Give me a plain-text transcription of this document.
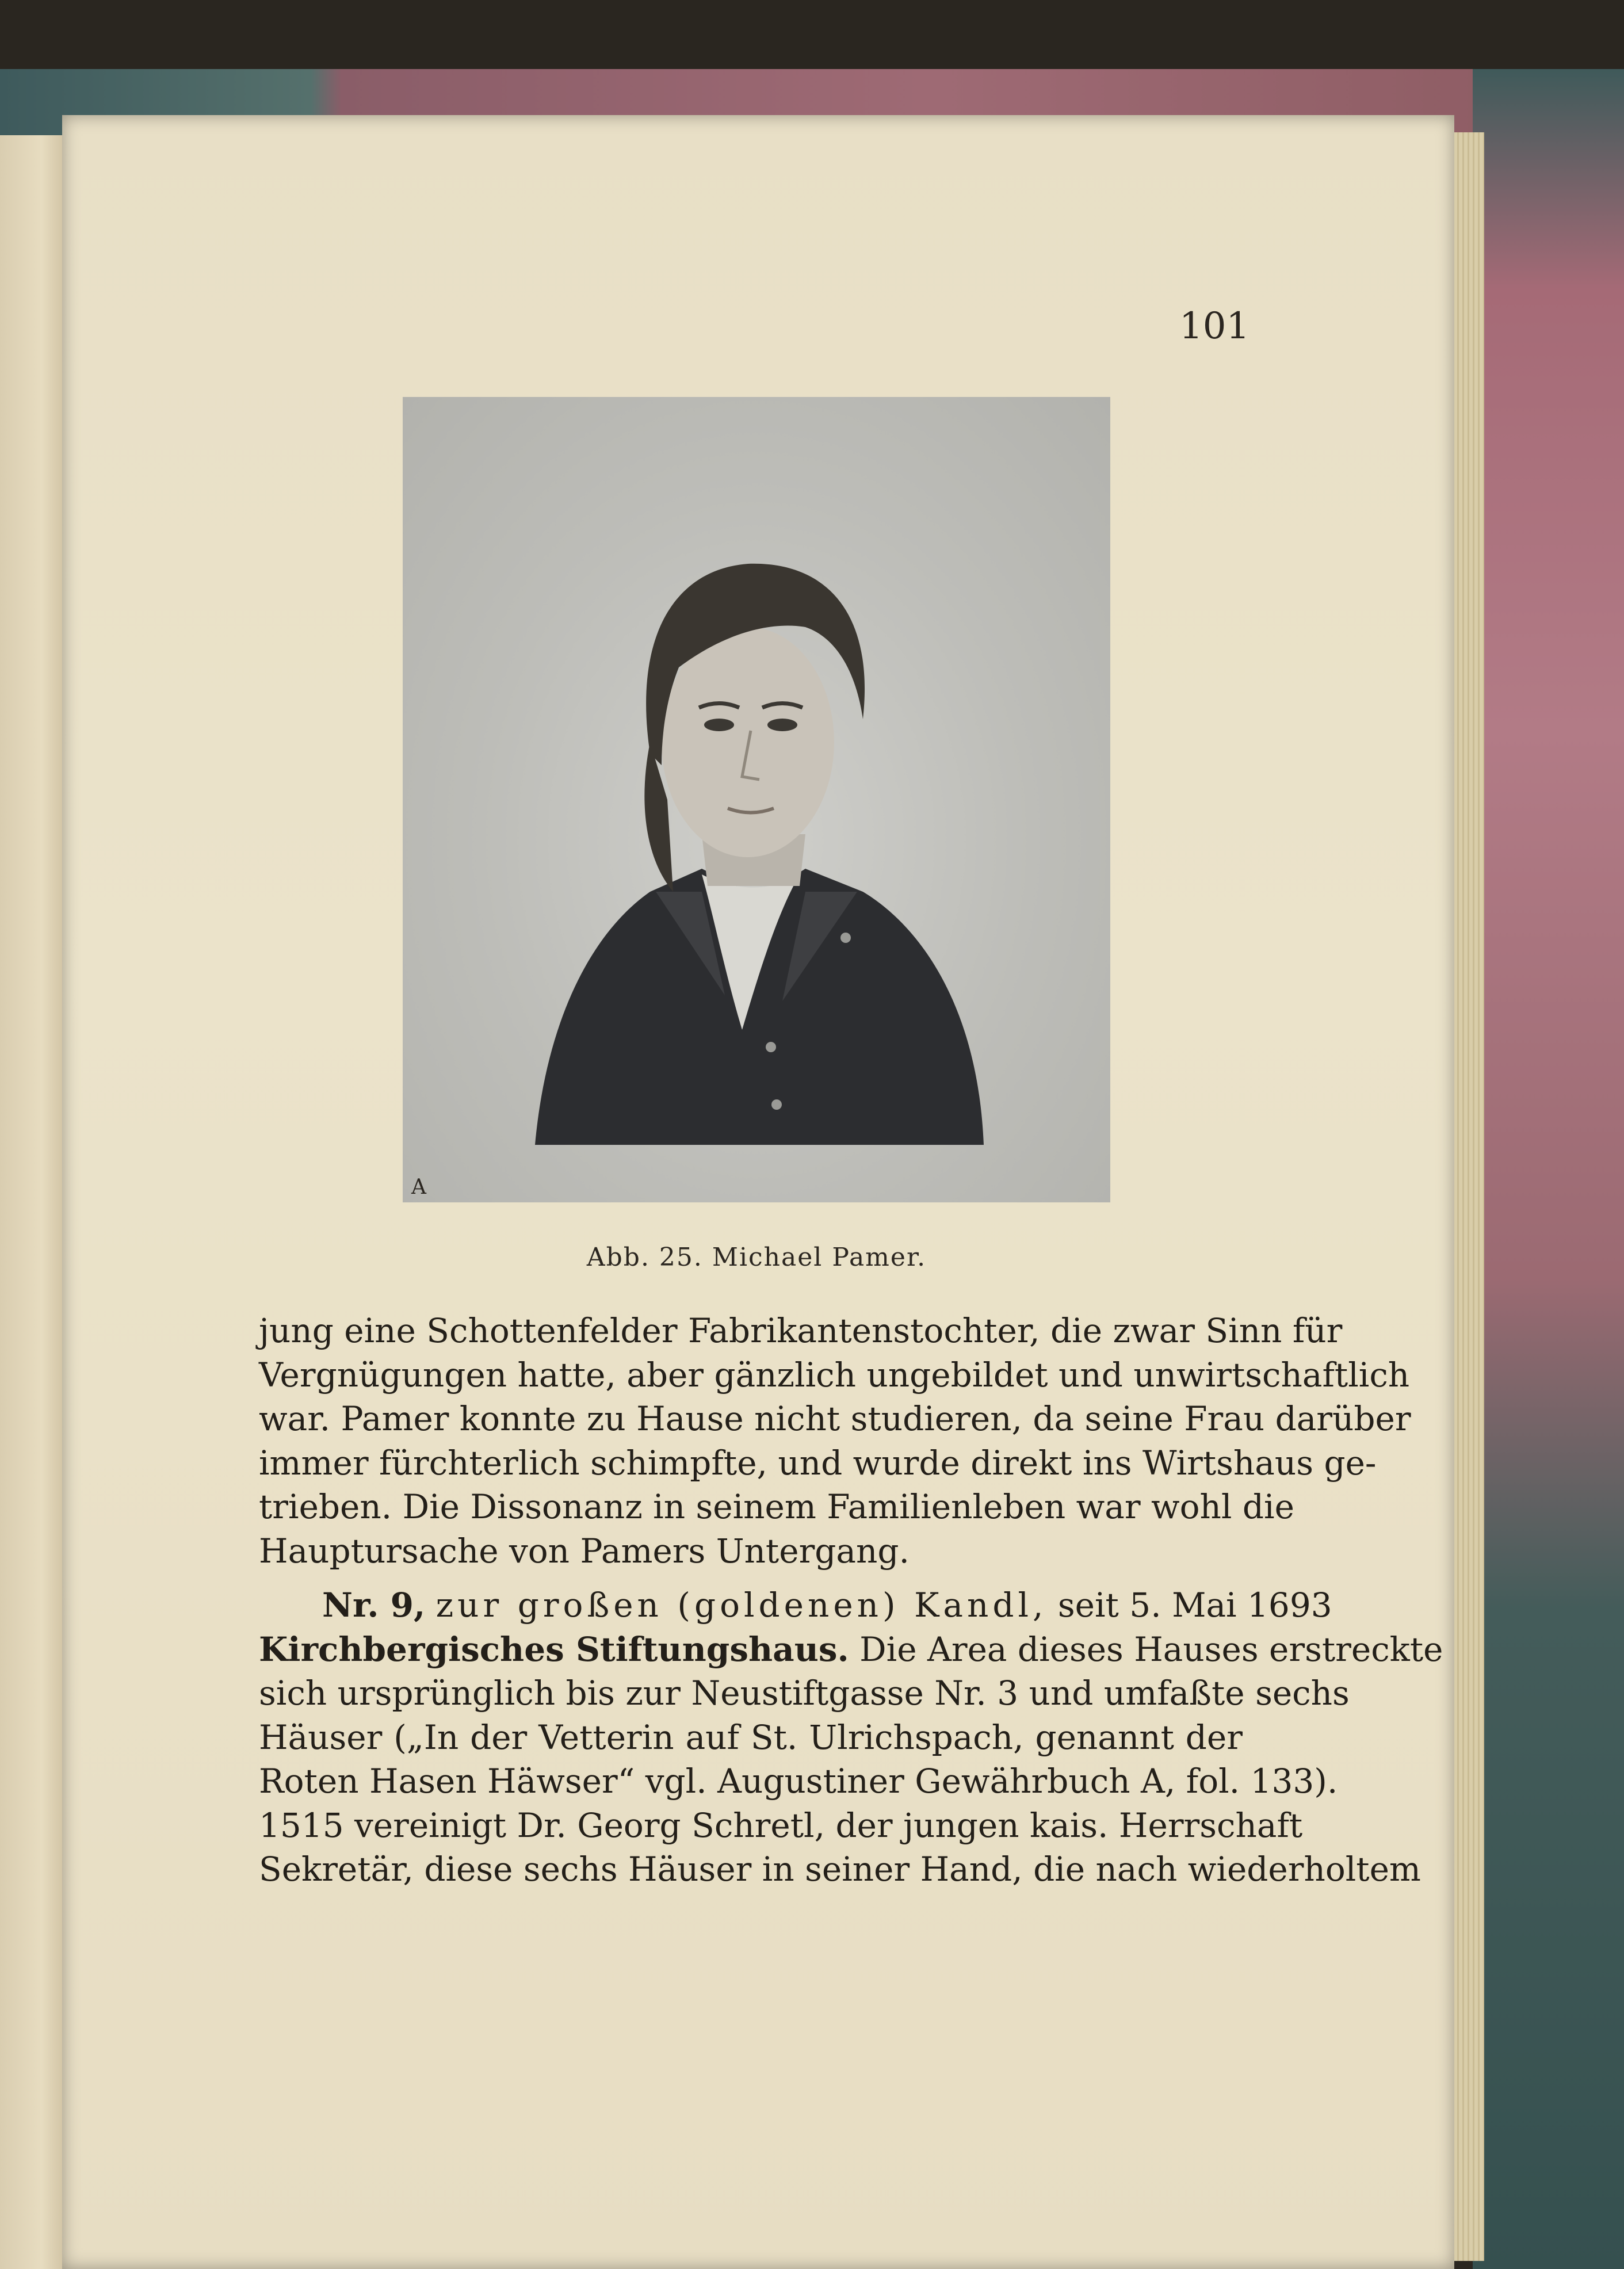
101
A
Abb. 25. Michael Pamer.
jung eine Schottenfelder Fabrikantenstochter, die zwar Sinn für
Vergnügungen hatte, aber gänzlich ungebildet und unwirtschaftlich
war. Pamer konnte zu Hause nicht studieren, da seine Frau darüber
immer fürchterlich schimpfte, und wurde direkt ins Wirtshaus ge-
trieben. Die Dissonanz in seinem Familienleben war wohl die
Hauptursache von Pamers Untergang.
Nr. 9, zur großen (goldenen) Kandl, seit 5. Mai 1693
Kirchbergisches Stiftungshaus. Die Area dieses Hauses erstreckte
sich ursprünglich bis zur Neustiftgasse Nr. 3 und umfaßte sechs
Häuser („In der Vetterin auf St. Ulrichspach, genannt der
Roten Hasen Häwser“ vgl. Augustiner Gewährbuch A, fol. 133).
1515 vereinigt Dr. Georg Schretl, der jungen kais. Herrschaft
Sekretär, diese sechs Häuser in seiner Hand, die nach wiederholtem
